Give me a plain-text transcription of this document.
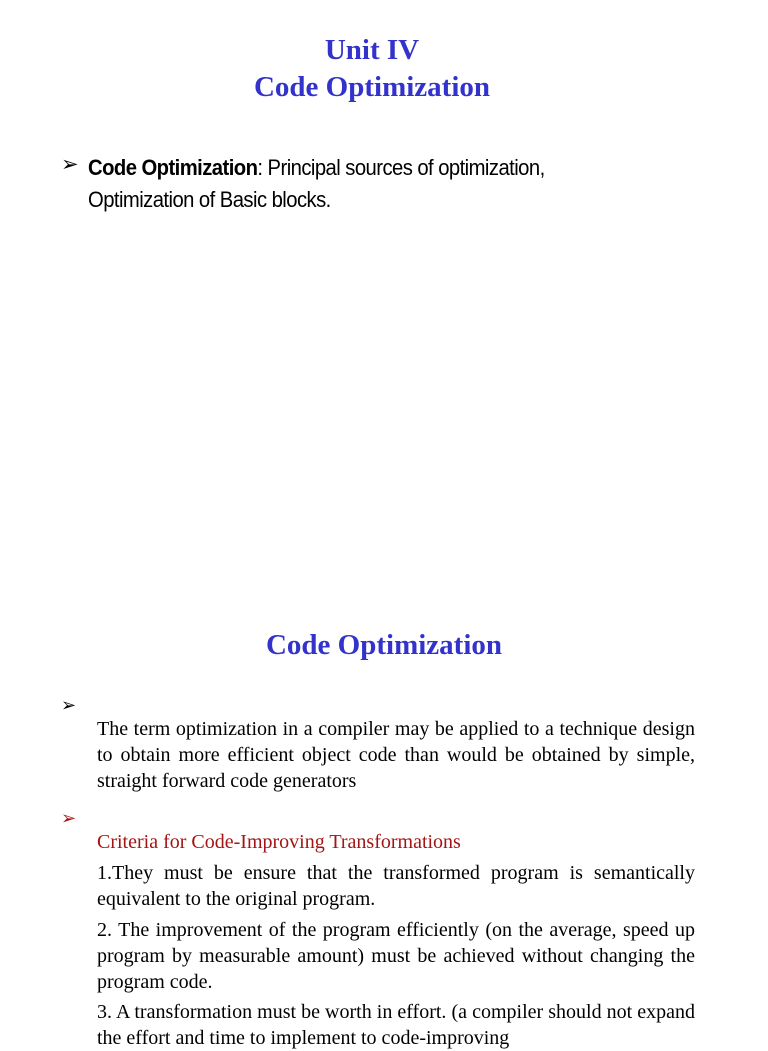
Unit IV
Code Optimization
➢ Code Optimization: Principal sources of optimization, Optimization of Basic blocks.
Code Optimization
➢

The term optimization in a compiler may be applied to a technique design to obtain more efficient object code than would be obtained by simple, straight forward code generators

➢

Criteria for Code-Improving Transformations

1.They must be ensure that the transformed program is semantically equivalent to the original program.

2. The improvement of the program efficiently (on the average, speed up program by measurable amount) must be achieved without changing the program code.

3. A transformation must be worth in effort. (a compiler should not expand the effort and time to implement to code-improving
